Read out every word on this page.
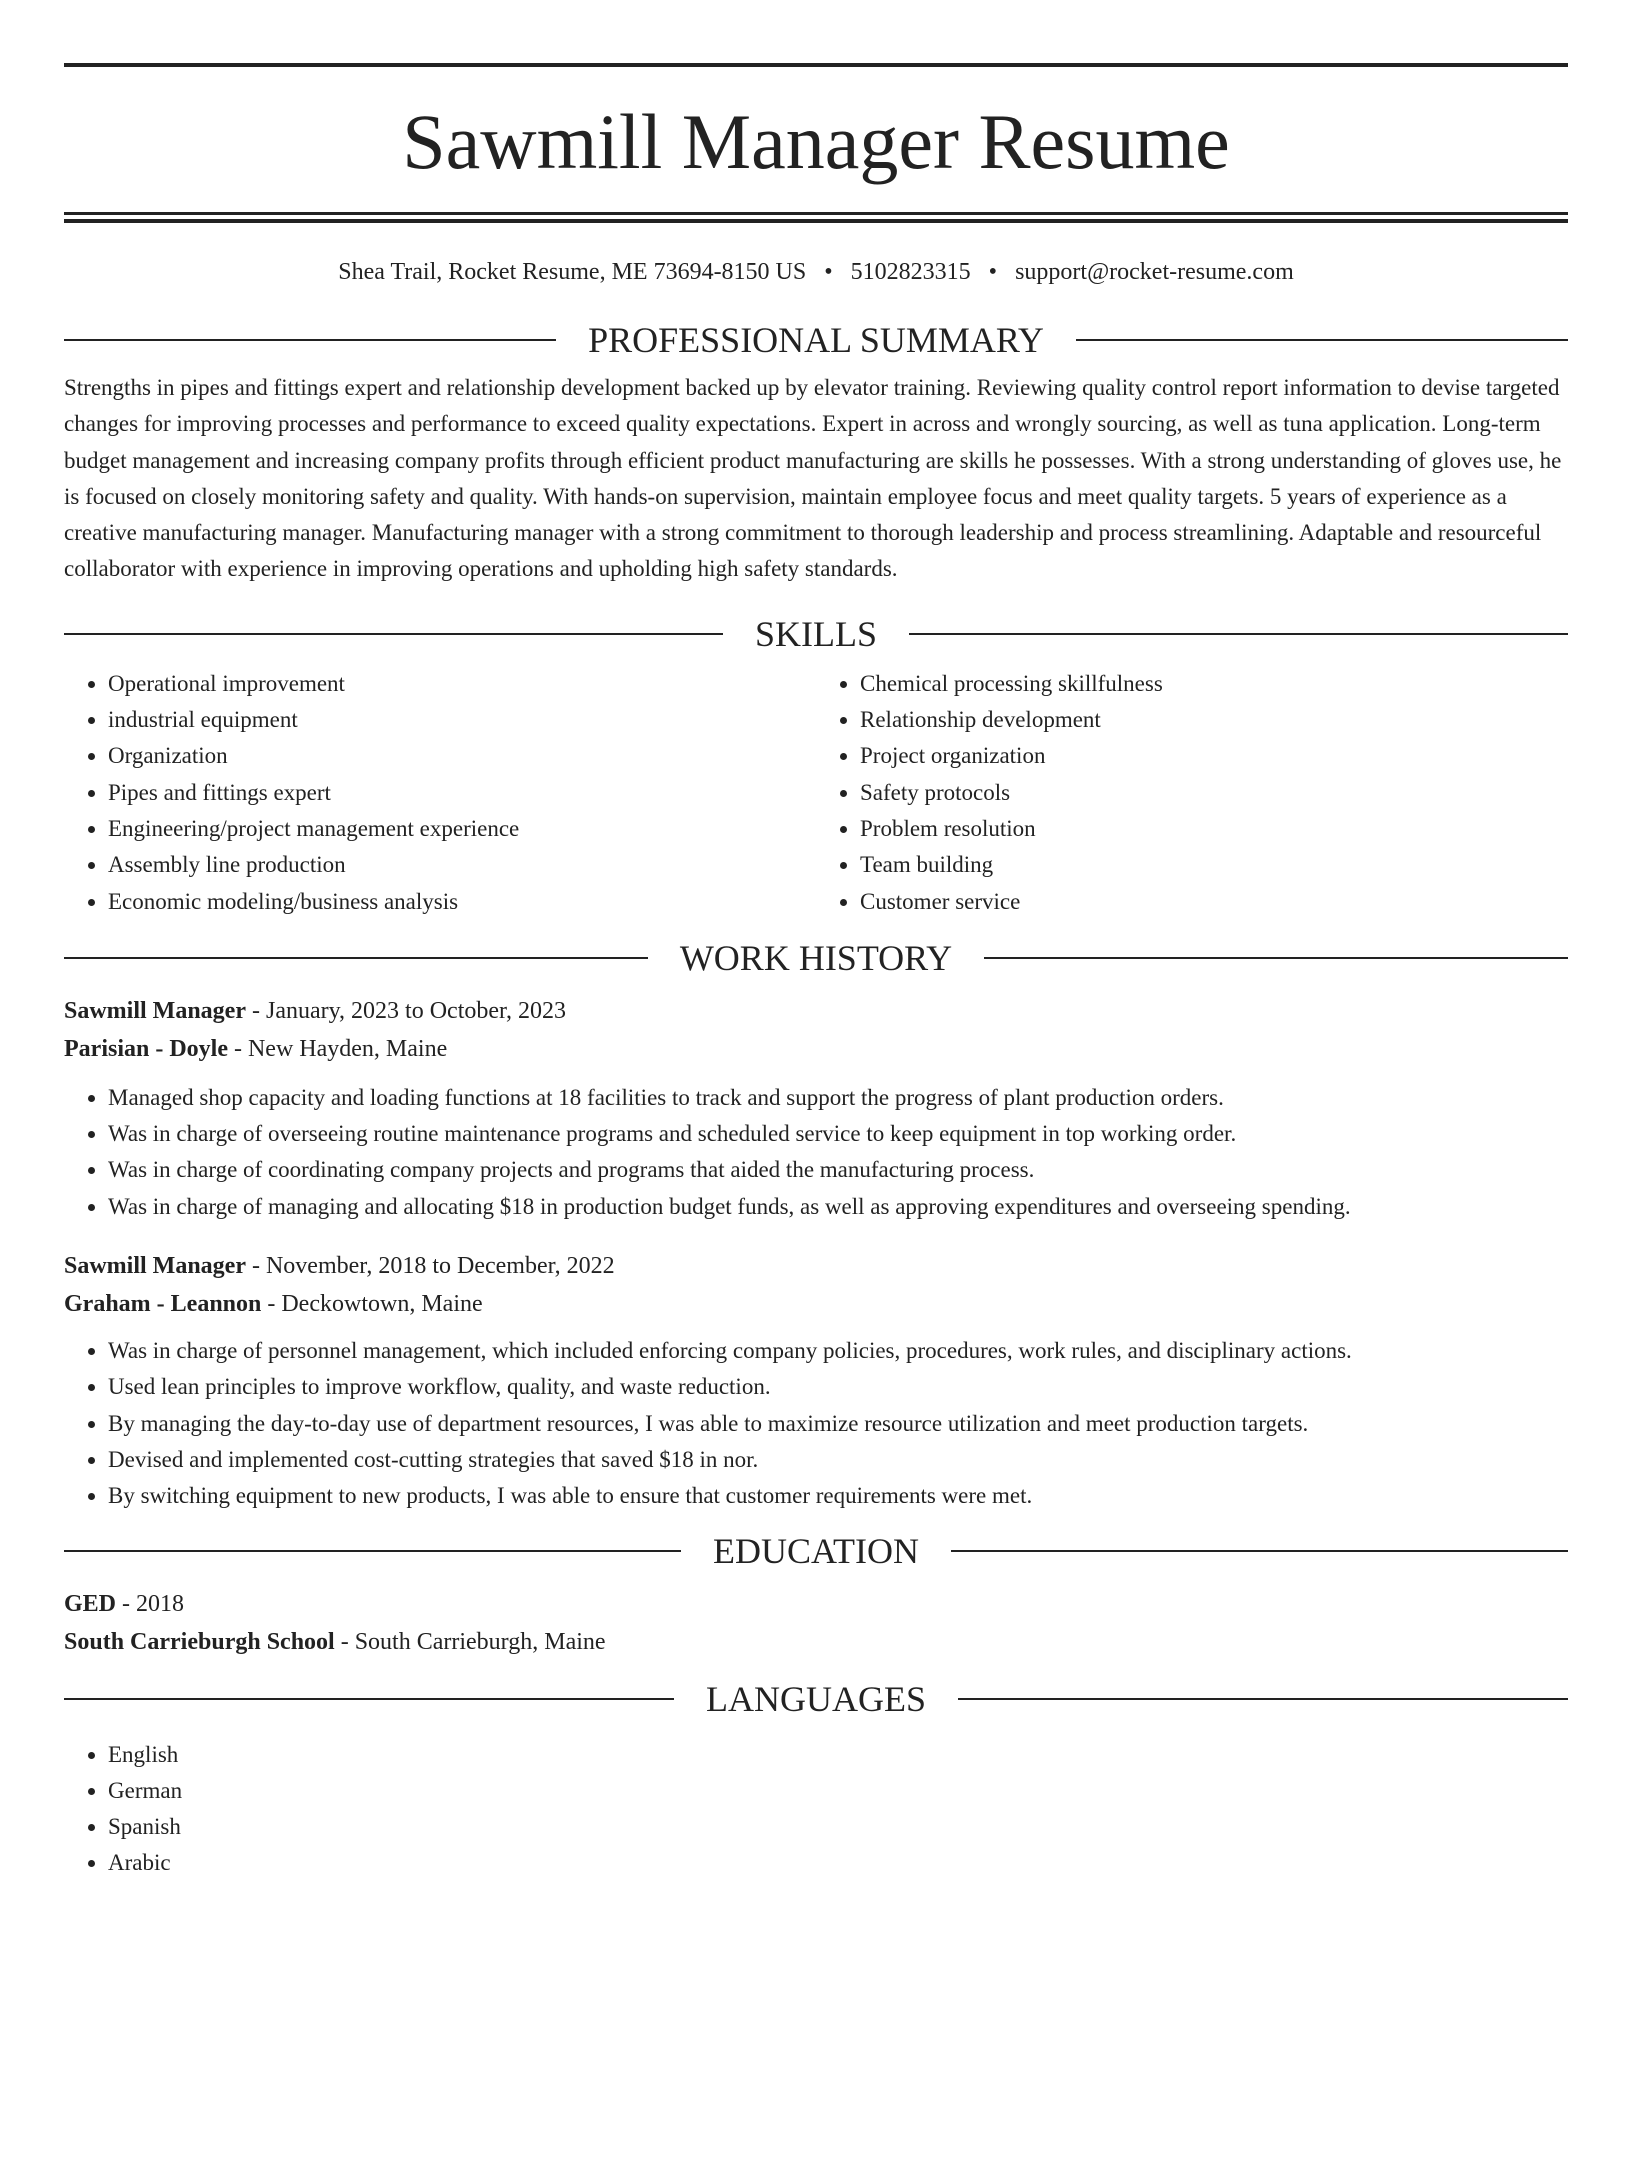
Sawmill Manager Resume
Shea Trail, Rocket Resume, ME 73694-8150 US • 5102823315 • support@rocket-resume.com
PROFESSIONAL SUMMARY

Strengths in pipes and fittings expert and relationship development backed up by elevator training. Reviewing quality control report information to devise targeted changes for improving processes and performance to exceed quality expectations. Expert in across and wrongly sourcing, as well as tuna application. Long-term budget management and increasing company profits through efficient product manufacturing are skills he possesses. With a strong understanding of gloves use, he is focused on closely monitoring safety and quality. With hands-on supervision, maintain employee focus and meet quality targets. 5 years of experience as a creative manufacturing manager. Manufacturing manager with a strong commitment to thorough leadership and process streamlining. Adaptable and resourceful collaborator with experience in improving operations and upholding high safety standards.

SKILLS
• Operational improvement
• industrial equipment
• Organization
• Pipes and fittings expert
• Engineering/project management experience
• Assembly line production
• Economic modeling/business analysis
• Chemical processing skillfulness
• Relationship development
• Project organization
• Safety protocols
• Problem resolution
• Team building
• Customer service
WORK HISTORY
Sawmill Manager - January, 2023 to October, 2023
Parisian - Doyle - New Hayden, Maine
• Managed shop capacity and loading functions at 18 facilities to track and support the progress of plant production orders.
• Was in charge of overseeing routine maintenance programs and scheduled service to keep equipment in top working order.
• Was in charge of coordinating company projects and programs that aided the manufacturing process.
• Was in charge of managing and allocating $18 in production budget funds, as well as approving expenditures and overseeing spending.
Sawmill Manager - November, 2018 to December, 2022
Graham - Leannon - Deckowtown, Maine
• Was in charge of personnel management, which included enforcing company policies, procedures, work rules, and disciplinary actions.
• Used lean principles to improve workflow, quality, and waste reduction.
• By managing the day-to-day use of department resources, I was able to maximize resource utilization and meet production targets.
• Devised and implemented cost-cutting strategies that saved $18 in nor.
• By switching equipment to new products, I was able to ensure that customer requirements were met.
EDUCATION
GED - 2018
South Carrieburgh School - South Carrieburgh, Maine
LANGUAGES
• English
• German
• Spanish
• Arabic
